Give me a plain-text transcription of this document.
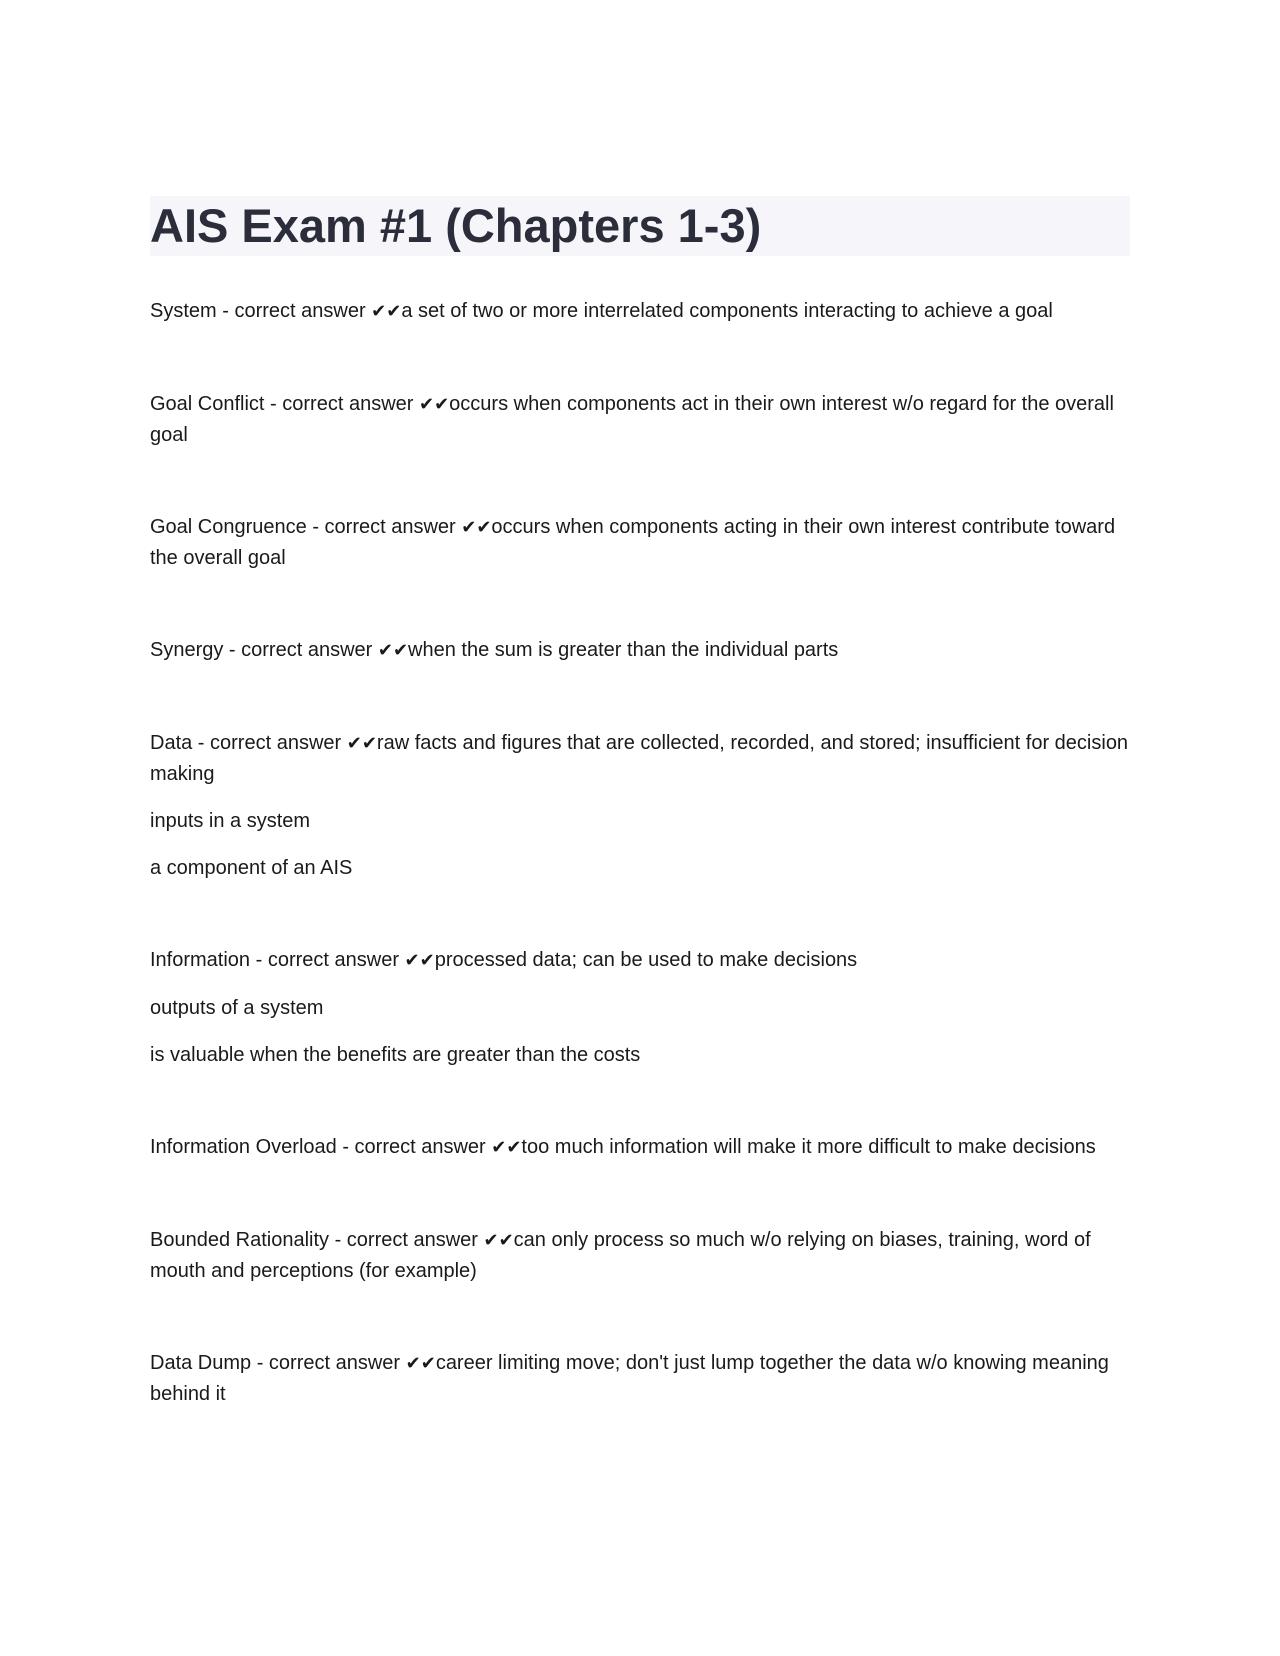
AIS Exam #1 (Chapters 1-3)

System - correct answer ✔✔a set of two or more interrelated components interacting to achieve a goal

Goal Conflict - correct answer ✔✔occurs when components act in their own interest w/o regard for the overall goal

Goal Congruence - correct answer ✔✔occurs when components acting in their own interest contribute toward the overall goal

Synergy - correct answer ✔✔when the sum is greater than the individual parts

Data - correct answer ✔✔raw facts and figures that are collected, recorded, and stored; insufficient for decision making

inputs in a system

a component of an AIS

Information - correct answer ✔✔processed data; can be used to make decisions

outputs of a system

is valuable when the benefits are greater than the costs

Information Overload - correct answer ✔✔too much information will make it more difficult to make decisions

Bounded Rationality - correct answer ✔✔can only process so much w/o relying on biases, training, word of mouth and perceptions (for example)

Data Dump - correct answer ✔✔career limiting move; don't just lump together the data w/o knowing meaning behind it
